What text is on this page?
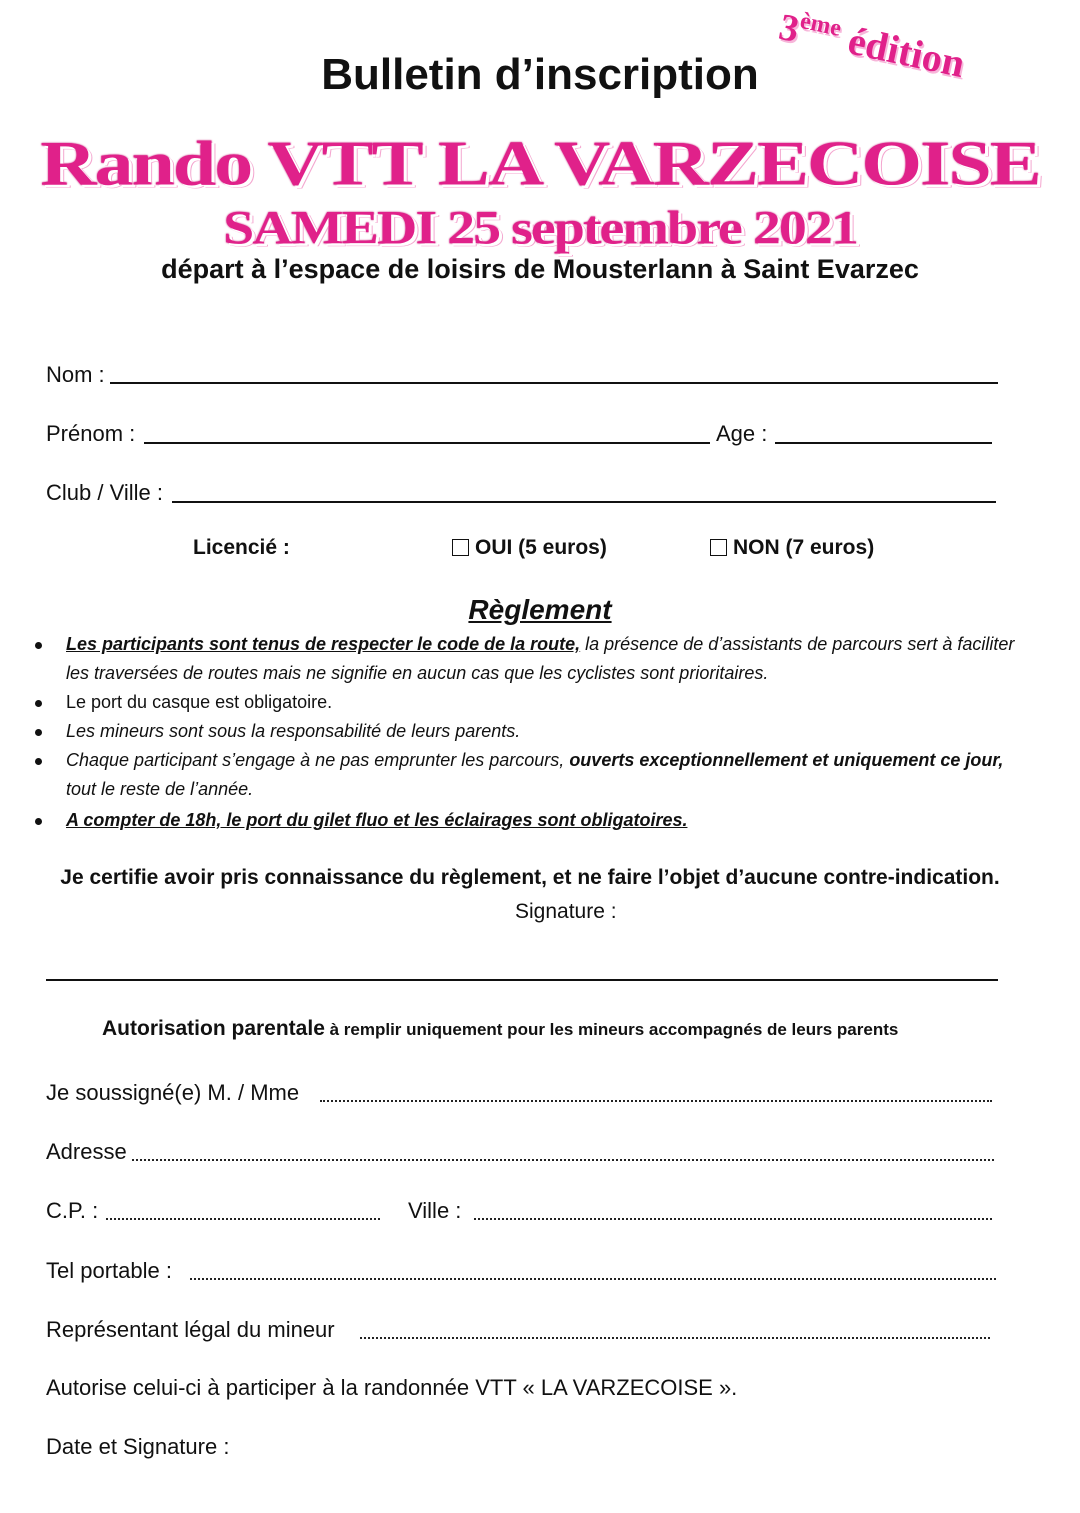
3èmeédition
Bulletin d’inscription
Rando VTT LA VARZECOISE
SAMEDI 25 septembre 2021
départ à l’espace de loisirs de Mousterlann à Saint Evarzec
Nom :
Prénom :	Age :
Club / Ville :
Licencié :	OUI (5 euros)	NON (7 euros)
Règlement
Les participants sont tenus de respecter le code de la route, la présence de d’assistants de parcours sert à faciliter les traversées de routes mais ne signifie en aucun cas que les cyclistes sont prioritaires.
Le port du casque est obligatoire.
Les mineurs sont sous la responsabilité de leurs parents.
Chaque participant s’engage à ne pas emprunter les parcours, ouverts exceptionnellement et uniquement ce jour, tout le reste de l’année.
A compter de 18h, le port du gilet fluo et les éclairages sont obligatoires.
Je certifie avoir pris connaissance du règlement, et ne faire l’objet d’aucune contre-indication.
Signature :
Autorisation parentale à remplir uniquement pour les mineurs accompagnés de leurs parents
Je soussigné(e) M. / Mme
Adresse
C.P. :	Ville :
Tel portable :
Représentant légal du mineur
Autorise celui-ci à participer à la randonnée VTT « LA VARZECOISE ».
Date et Signature :
